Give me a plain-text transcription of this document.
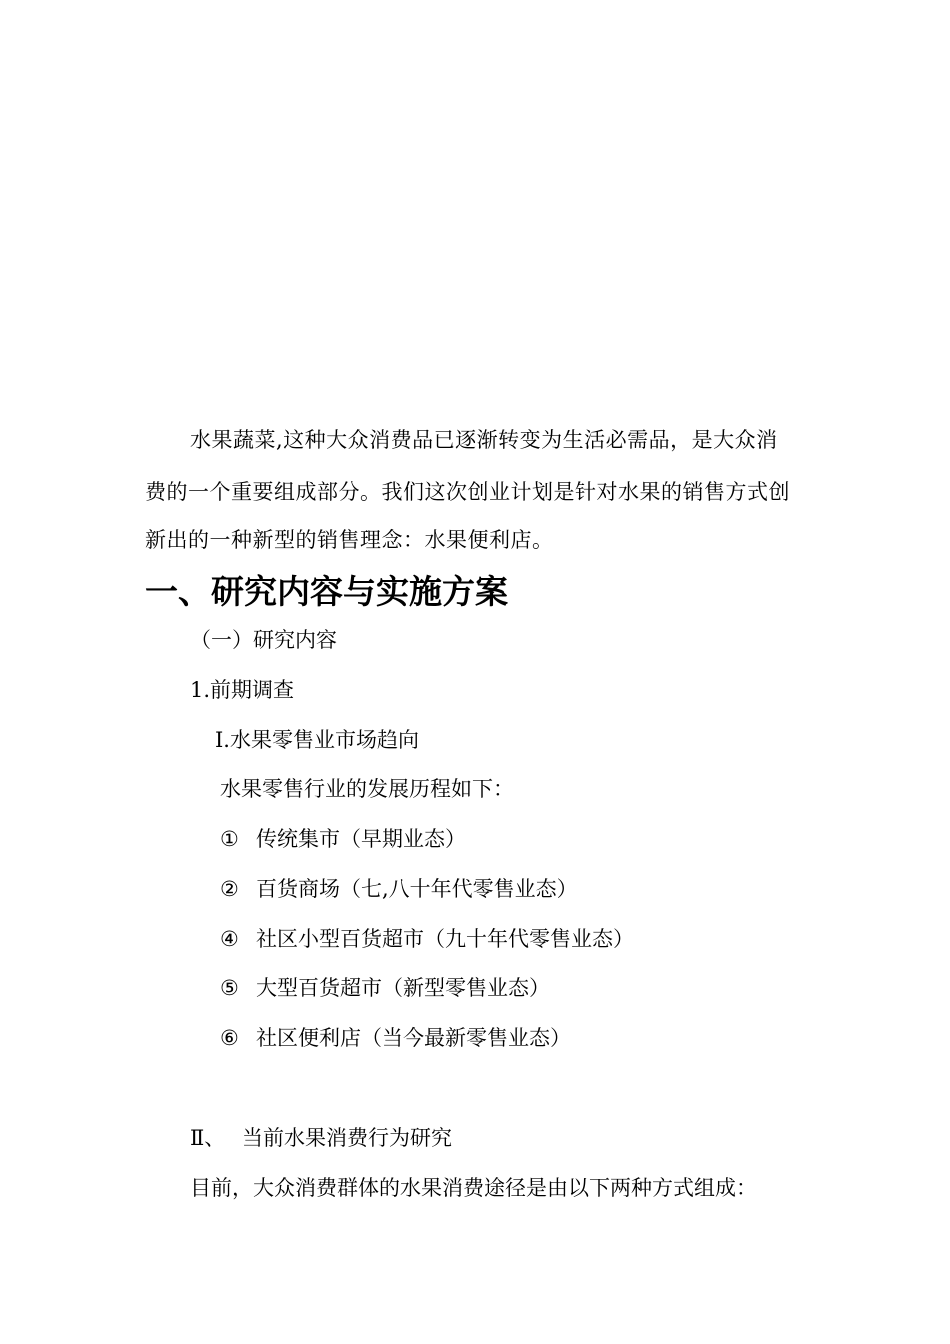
水果蔬菜,这种大众消费品已逐渐转变为生活必需品，是大众消
费的一个重要组成部分。我们这次创业计划是针对水果的销售方式创
新出的一种新型的销售理念：水果便利店。
一、研究内容与实施方案
（一）研究内容
1.前期调查
Ⅰ.水果零售业市场趋向
水果零售行业的发展历程如下：
① 传统集市（早期业态）
② 百货商场（七,八十年代零售业态）
④ 社区小型百货超市（九十年代零售业态）
⑤ 大型百货超市（新型零售业态）
⑥ 社区便利店（当今最新零售业态）
Ⅱ、 当前水果消费行为研究
目前，大众消费群体的水果消费途径是由以下两种方式组成：
